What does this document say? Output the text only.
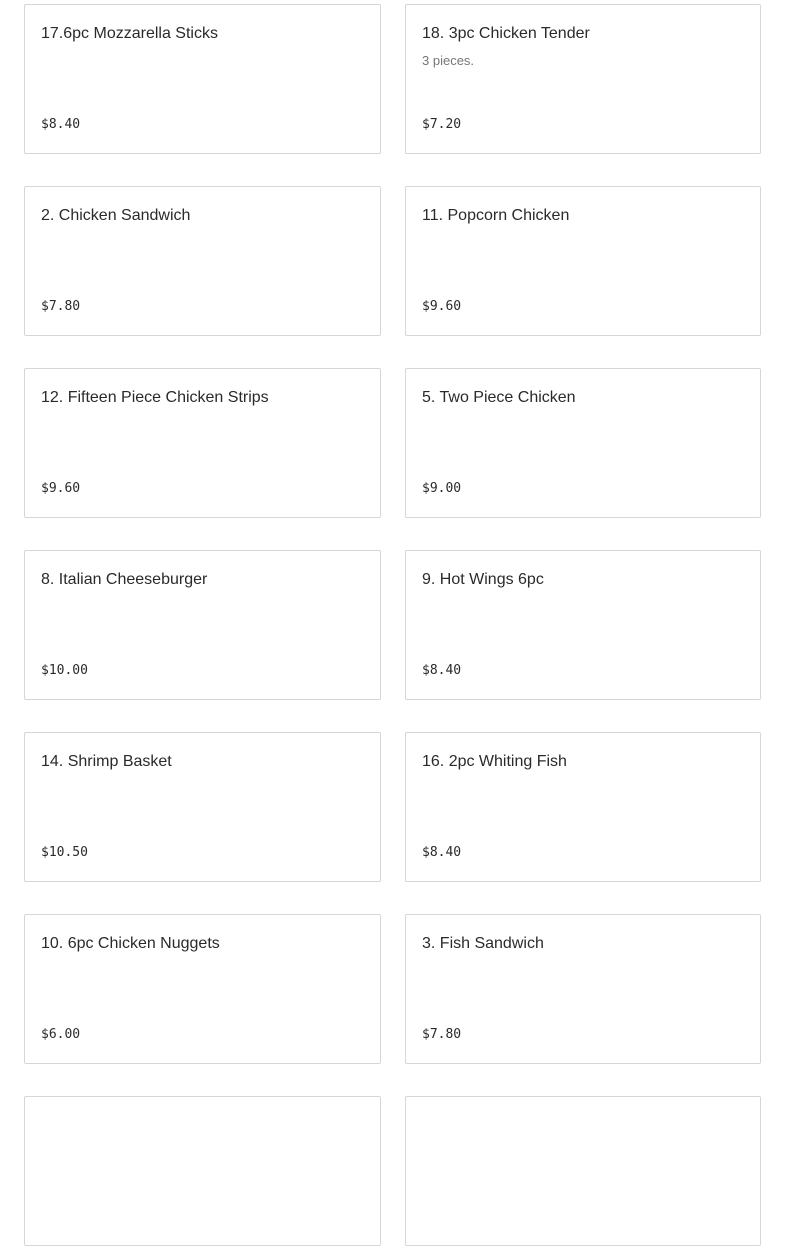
17.6pc Mozzarella Sticks
$8.40
18. 3pc Chicken Tender
3 pieces.
$7.20
2. Chicken Sandwich
$7.80
11. Popcorn Chicken
$9.60
12. Fifteen Piece Chicken Strips
$9.60
5. Two Piece Chicken
$9.00
8. Italian Cheeseburger
$10.00
9. Hot Wings 6pc
$8.40
14. Shrimp Basket
$10.50
16. 2pc Whiting Fish
$8.40
10. 6pc Chicken Nuggets
$6.00
3. Fish Sandwich
$7.80
